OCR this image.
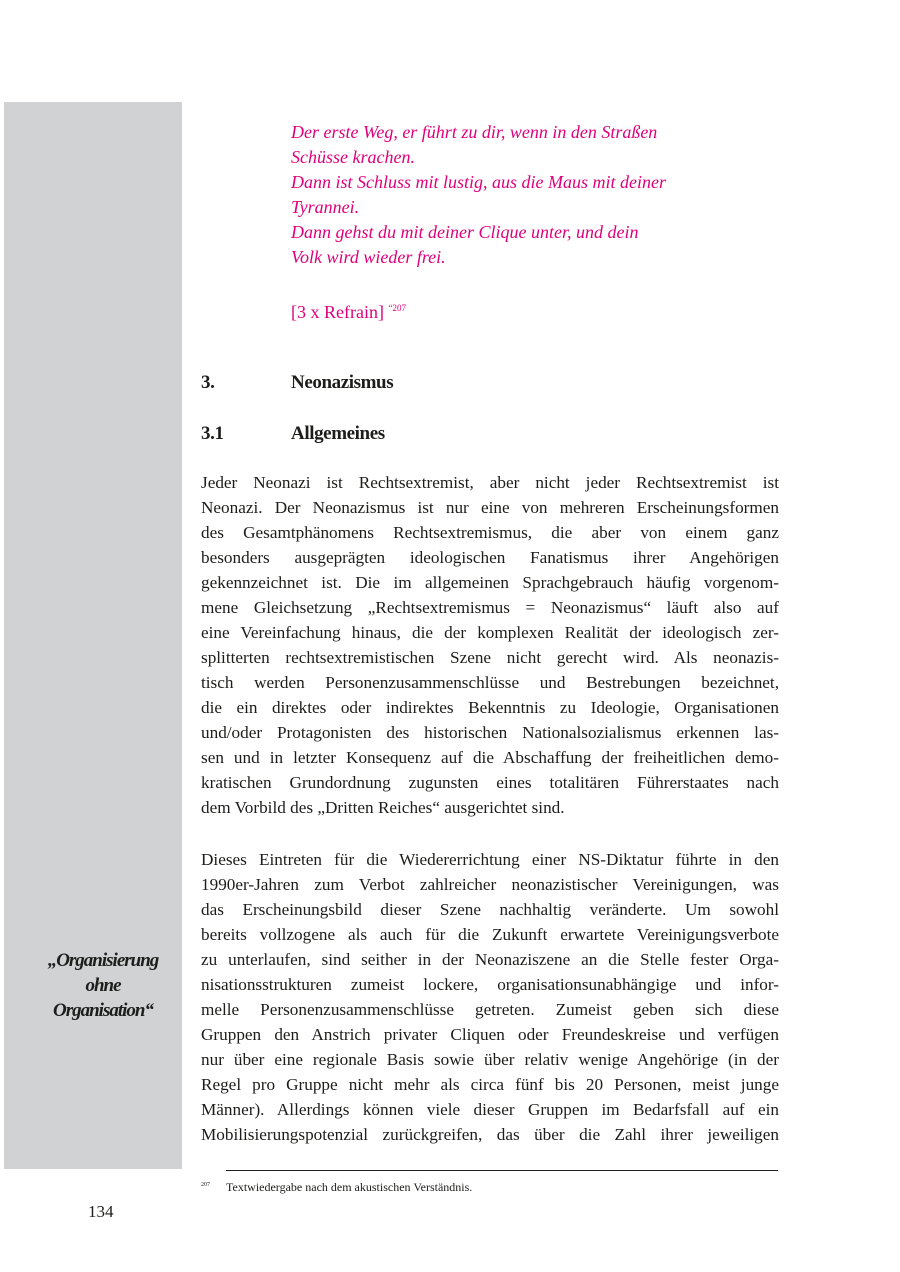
„Organisierung
ohne
Organisation“

Der erste Weg, er führt zu dir, wenn in den Straßen

Schüsse krachen.

Dann ist Schluss mit lustig, aus die Maus mit deiner

Tyrannei.

Dann gehst du mit deiner Clique unter, und dein

Volk wird wieder frei.

[3 x Refrain] $^{“207}$
3.	Neonazismus
3.1	Allgemeines
Jeder Neonazi ist Rechtsextremist, aber nicht jeder Rechtsextremist ist
Neonazi. Der Neonazismus ist nur eine von mehreren Erscheinungsformen
des Gesamtphänomens Rechtsextremismus, die aber von einem ganz
besonders ausgeprägten ideologischen Fanatismus ihrer Angehörigen
gekennzeichnet ist. Die im allgemeinen Sprachgebrauch häufig vorgenom-
mene Gleichsetzung „Rechtsextremismus = Neonazismus“ läuft also auf
eine Vereinfachung hinaus, die der komplexen Realität der ideologisch zer-
splitterten rechtsextremistischen Szene nicht gerecht wird. Als neonazis-
tisch werden Personenzusammenschlüsse und Bestrebungen bezeichnet,
die ein direktes oder indirektes Bekenntnis zu Ideologie, Organisationen
und/oder Protagonisten des historischen Nationalsozialismus erkennen las-
sen und in letzter Konsequenz auf die Abschaffung der freiheitlichen demo-
kratischen Grundordnung zugunsten eines totalitären Führerstaates nach
dem Vorbild des „Dritten Reiches“ ausgerichtet sind.
Dieses Eintreten für die Wiedererrichtung einer NS-Diktatur führte in den
1990er-Jahren zum Verbot zahlreicher neonazistischer Vereinigungen, was
das Erscheinungsbild dieser Szene nachhaltig veränderte. Um sowohl
bereits vollzogene als auch für die Zukunft erwartete Vereinigungsverbote
zu unterlaufen, sind seither in der Neonaziszene an die Stelle fester Orga-
nisationsstrukturen zumeist lockere, organisationsunabhängige und infor-
melle Personenzusammenschlüsse getreten. Zumeist geben sich diese
Gruppen den Anstrich privater Cliquen oder Freundeskreise und verfügen
nur über eine regionale Basis sowie über relativ wenige Angehörige (in der
Regel pro Gruppe nicht mehr als circa fünf bis 20 Personen, meist junge
Männer). Allerdings können viele dieser Gruppen im Bedarfsfall auf ein
Mobilisierungspotenzial zurückgreifen, das über die Zahl ihrer jeweiligen
$^{207}$ Textwiedergabe nach dem akustischen Verständnis.
134
